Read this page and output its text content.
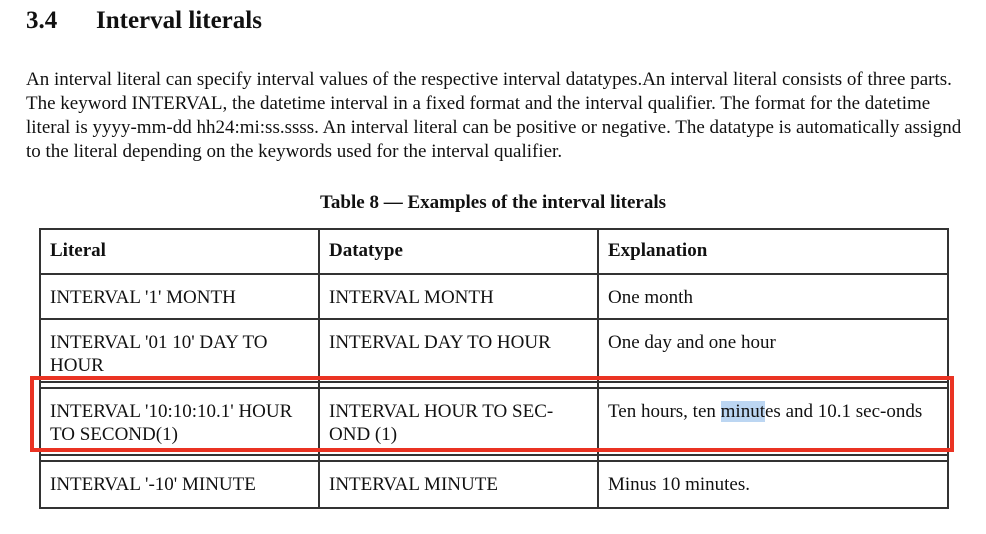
3.4 Interval literals

An interval literal can specify interval values of the respective interval datatypes.An interval literal consists of three parts. The keyword INTERVAL, the datetime interval in a fixed format and the interval qualifier. The format for the datetime literal is yyyy-mm-dd hh24:mi:ss.ssss. An interval literal can be positive or negative. The datatype is automatically assignd to the literal depending on the keywords used for the interval qualifier.

Table 8 — Examples of the interval literals
Literal	Datatype	Explanation
INTERVAL '1' MONTH	INTERVAL MONTH	One month
INTERVAL '01 10' DAY TO HOUR	INTERVAL DAY TO HOUR	One day and one hour

INTERVAL '10:10:10.1' HOUR TO SECOND(1)	INTERVAL HOUR TO SEC-OND (1)	Ten hours, ten minutes and 10.1 sec-onds

INTERVAL '-10' MINUTE	INTERVAL MINUTE	Minus 10 minutes.
